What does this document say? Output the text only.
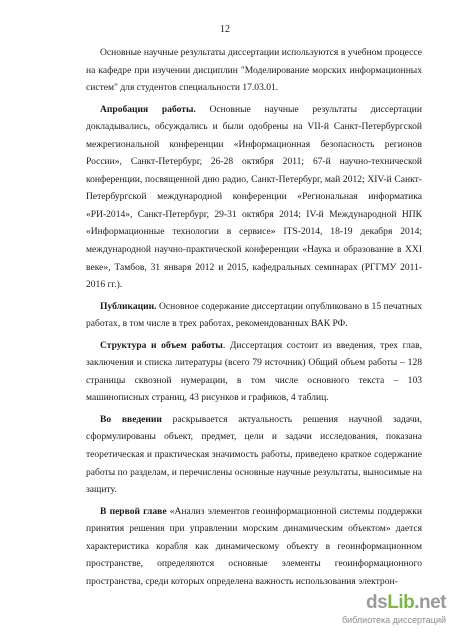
12

Основные научные результаты диссертации используются в учебном процессе на кафедре при изучении дисциплин "Моделирование морских информационных систем" для студентов специальности 17.03.01.

Апробация работы. Основные научные результаты диссертации докладывались, обсуждались и были одобрены на VII-й Санкт-Петербургской межрегиональной конференции «Информационная безопасность регионов России», Санкт-Петербург, 26-28 октября 2011; 67-й научно-технической конференции, посвященной дню радио, Санкт-Петербург, май 2012; XIV-й Санкт-Петербургской международной конференции «Региональная информатика «РИ-2014», Санкт-Петербург, 29-31 октября 2014; IV-й Международной НПК «Информационные технологии в сервисе» ITS-2014, 18-19 декабря 2014; международной научно-практической конференции «Наука и образование в XXI веке», Тамбов, 31 января 2012 и 2015, кафедральных семинарах (РГГМУ 2011-2016 гг.).

Публикации. Основное содержание диссертации опубликовано в 15 печатных работах, в том числе в трех работах, рекомендованных ВАК РФ.

Структура и объем работы. Диссертация состоит из введения, трех глав, заключения и списка литературы (всего 79 источник) Общий объем работы – 128 страницы сквозной нумерации, в том числе основного текста – 103 машинописных страниц, 43 рисунков и графиков, 4 таблиц.

Во введении раскрывается актуальность решения научной задачи, сформулированы объект, предмет, цели и задачи исследования, показана теоретическая и практическая значимость работы, приведено краткое содержание работы по разделам, и перечислены основные научные результаты, выносимые на защиту.

В первой главе «Анализ элементов геоинформационной системы поддержки принятия решения при управлении морским динамическим объектом» дается характеристика корабля как динамическому объекту в геоинформационном пространстве, определяются основные элементы геоинформационного пространства, среди которых определена важность использования электрон-

dsLib.net
библиотека диссертаций
